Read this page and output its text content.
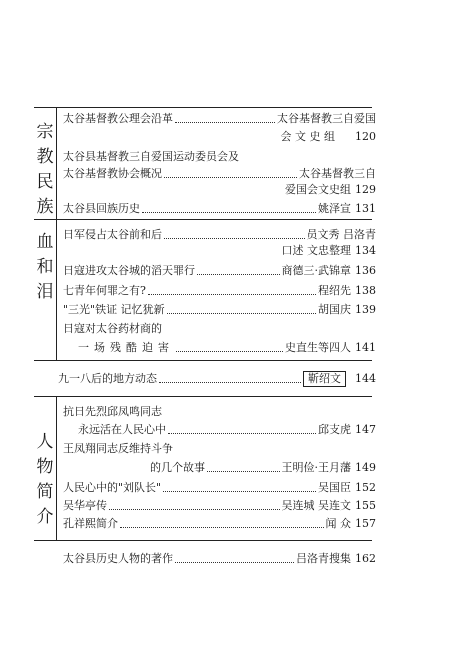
宗教民族
血和泪
人物简介
太谷基督教公理会沿革	太谷基督教三自爱国
会 文 史 组 120
太谷县基督教三自爱国运动委员会及
太谷基督教协会概况	太谷基督教三自
爱国会文史组 129
太谷县回族历史	姚泽宣 131
日军侵占太谷前和后	员文秀 吕洛青
口述 文忠整理 134
日寇进攻太谷城的滔天罪行	商德三·武锦章 136
七青年何罪之有?	程绍先 138
"三光"铁证 记忆犹新	胡国庆 139
日寇对太谷药材商的
一场残酷迫害	史直生等四人 141
九一八后的地方动态	靳绍文	144
抗日先烈邱凤鸣同志
永远活在人民心中	邱支虎 147
王凤翔同志反维持斗争
的几个故事	王明俭·王月藩 149
人民心中的"刘队长"	吴国臣 152
吴华亭传	吴连城 吴连文 155
孔祥熙简介	闻 众 157
太谷县历史人物的著作	吕洛青搜集 162
